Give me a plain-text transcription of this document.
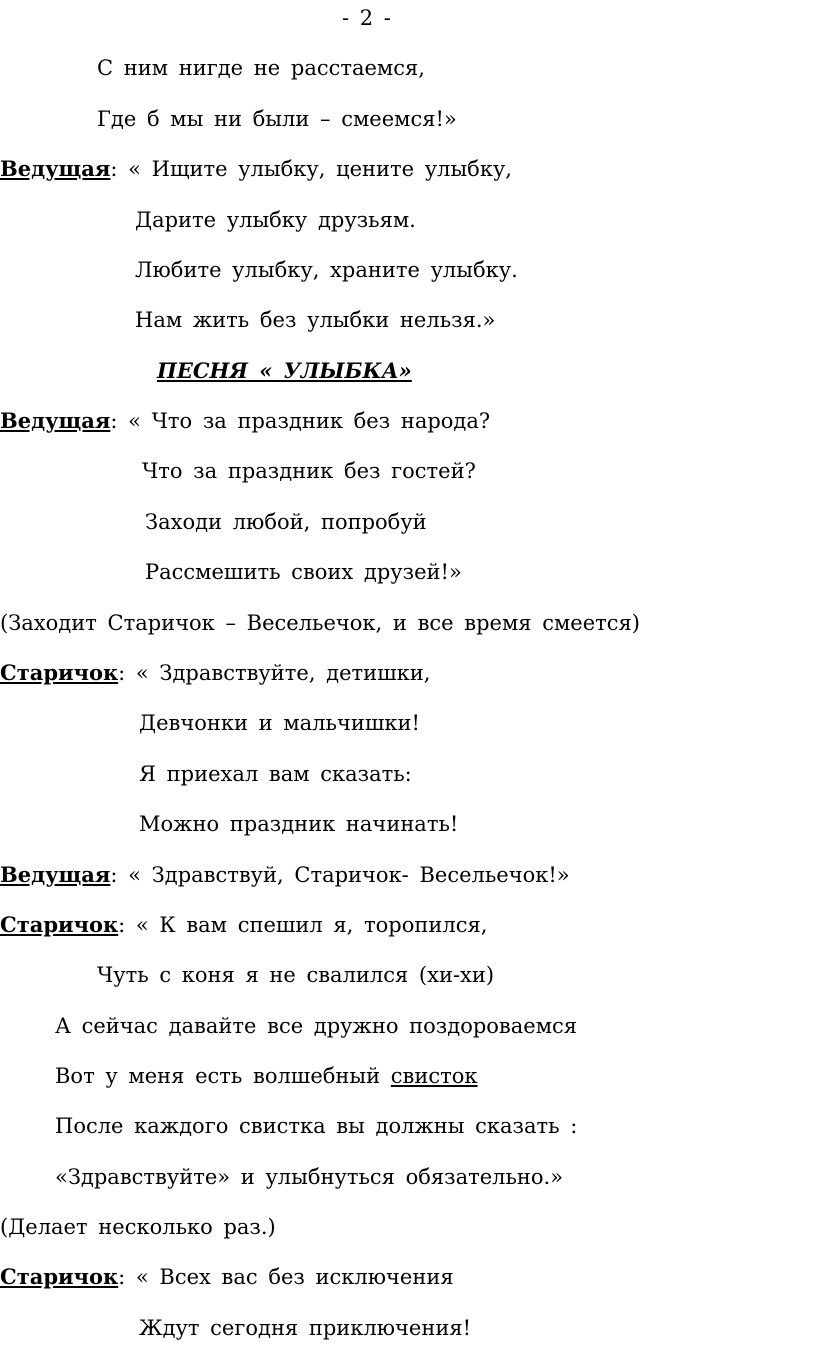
- 2 -
С ним нигде не расстаемся,
Где б мы ни были – смеемся!»
Ведущая: « Ищите улыбку, цените улыбку,
Дарите улыбку друзьям.
Любите улыбку, храните улыбку.
Нам жить без улыбки нельзя.»
ПЕСНЯ « УЛЫБКА»
Ведущая: « Что за праздник без народа?
Что за праздник без гостей?
Заходи любой, попробуй
Рассмешить своих друзей!»
(Заходит Старичок – Весельечок, и все время смеется)
Старичок: « Здравствуйте, детишки,
Девчонки и мальчишки!
Я приехал вам сказать:
Можно праздник начинать!
Ведущая: « Здравствуй, Старичок- Весельечок!»
Старичок: « К вам спешил я, торопился,
Чуть с коня я не свалился (хи-хи)
А сейчас давайте все дружно поздороваемся
Вот у меня есть волшебный свисток
После каждого свистка вы должны сказать :
«Здравствуйте» и улыбнуться обязательно.»
(Делает несколько раз.)
Старичок: « Всех вас без исключения
Ждут сегодня приключения!
